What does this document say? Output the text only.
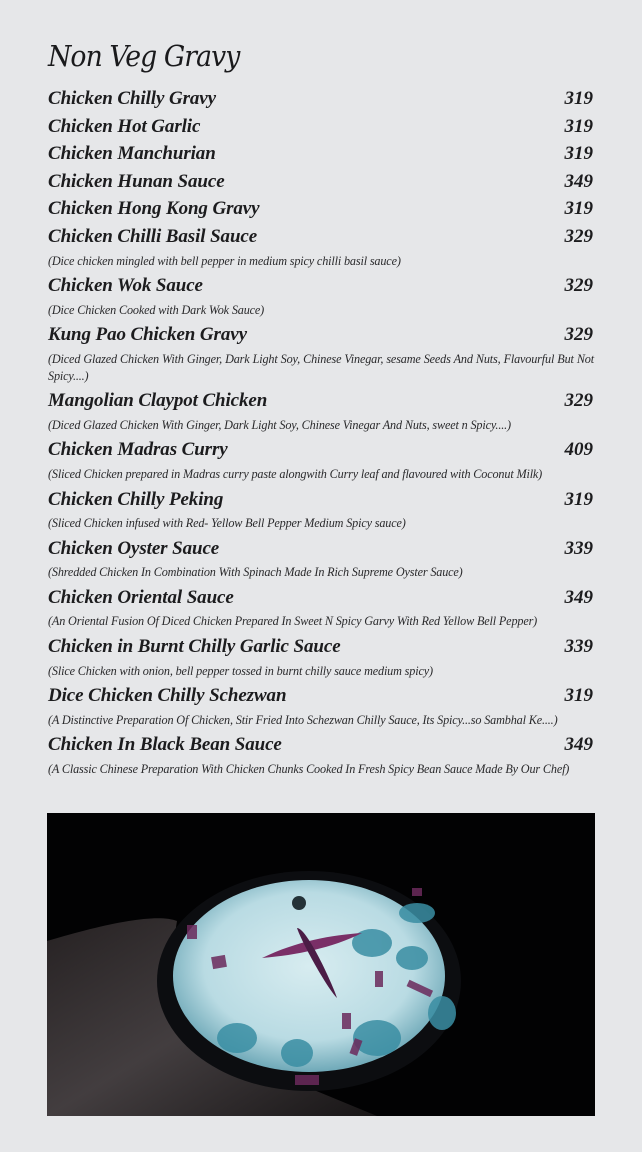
Non Veg Gravy
Chicken Chilly Gravy	319
Chicken Hot Garlic	319
Chicken Manchurian	319
Chicken Hunan Sauce	349
Chicken Hong Kong Gravy	319
Chicken Chilli Basil Sauce	329

(Dice chicken mingled with bell pepper in medium spicy chilli basil sauce)

Chicken Wok Sauce	329

(Dice Chicken Cooked with Dark Wok Sauce)

Kung Pao Chicken Gravy	329

(Diced Glazed Chicken With Ginger, Dark Light Soy, Chinese Vinegar, sesame Seeds And Nuts, Flavourful But Not Spicy....)

Mangolian Claypot Chicken	329

(Diced Glazed Chicken With Ginger, Dark Light Soy, Chinese Vinegar And Nuts, sweet n Spicy....)

Chicken Madras Curry	409

(Sliced Chicken prepared in Madras curry paste alongwith Curry leaf and flavoured with Coconut Milk)

Chicken Chilly Peking	319

(Sliced Chicken infused with Red- Yellow Bell Pepper Medium Spicy sauce)

Chicken Oyster Sauce	339

(Shredded Chicken In Combination With Spinach Made In Rich Supreme Oyster Sauce)

Chicken Oriental Sauce	349

(An Oriental Fusion Of Diced Chicken Prepared In Sweet N Spicy Garvy With Red Yellow Bell Pepper)

Chicken in Burnt Chilly Garlic Sauce	339

(Slice Chicken with onion, bell pepper tossed in burnt chilly sauce medium spicy)

Dice Chicken Chilly Schezwan	319

(A Distinctive Preparation Of Chicken, Stir Fried Into Schezwan Chilly Sauce, Its Spicy...so Sambhal Ke....)

Chicken In Black Bean Sauce	349

(A Classic Chinese Preparation With Chicken Chunks Cooked In Fresh Spicy Bean Sauce Made By Our Chef)
